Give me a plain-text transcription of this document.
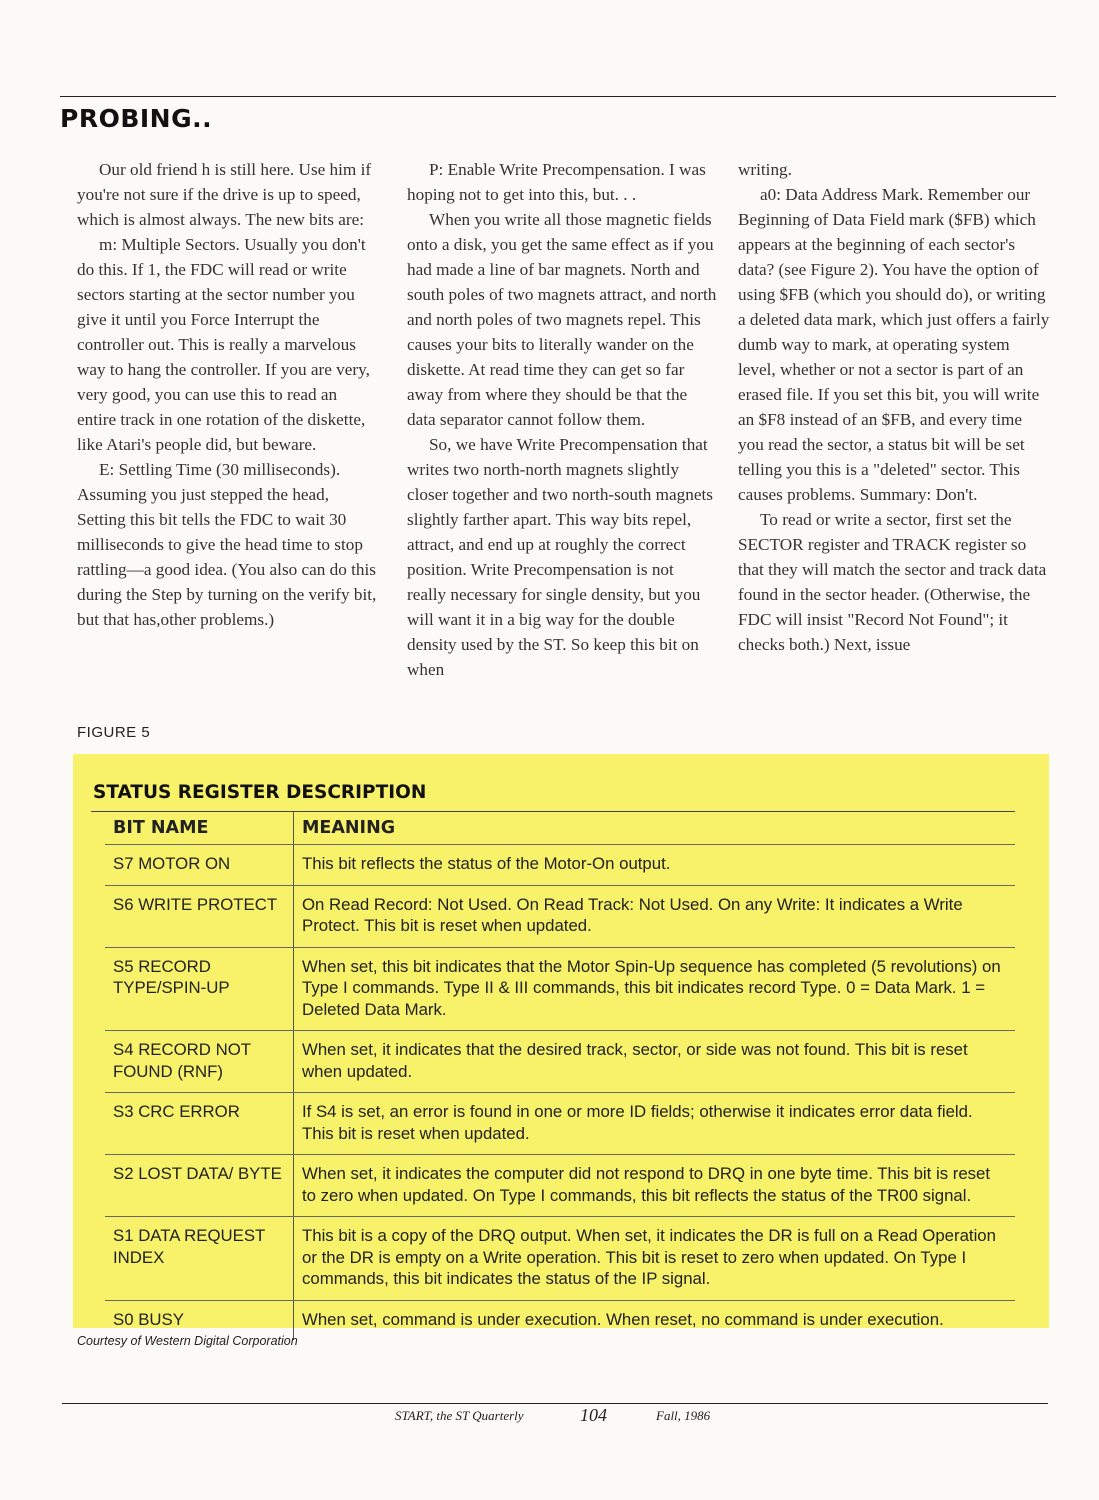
PROBING..

Our old friend h is still here. Use him if you're not sure if the drive is up to speed, which is almost always. The new bits are:

m: Multiple Sectors. Usually you don't do this. If 1, the FDC will read or write sectors starting at the sector number you give it until you Force Interrupt the controller out. This is really a marvelous way to hang the controller. If you are very, very good, you can use this to read an entire track in one rotation of the diskette, like Atari's people did, but beware.

E: Settling Time (30 milliseconds). Assuming you just stepped the head, Setting this bit tells the FDC to wait 30 milliseconds to give the head time to stop rattling—a good idea. (You also can do this during the Step by turning on the verify bit, but that has,other problems.)

P: Enable Write Precompensation. I was hoping not to get into this, but. . .

When you write all those magnetic fields onto a disk, you get the same effect as if you had made a line of bar magnets. North and south poles of two magnets attract, and north and north poles of two magnets repel. This causes your bits to literally wander on the diskette. At read time they can get so far away from where they should be that the data separator cannot follow them.

So, we have Write Precompensation that writes two north-north magnets slightly closer together and two north-south magnets slightly farther apart. This way bits repel, attract, and end up at roughly the correct position. Write Precompensation is not really necessary for single density, but you will want it in a big way for the double density used by the ST. So keep this bit on when

writing.

a0: Data Address Mark. Remember our Beginning of Data Field mark ($FB) which appears at the beginning of each sector's data? (see Figure 2). You have the option of using $FB (which you should do), or writing a deleted data mark, which just offers a fairly dumb way to mark, at operating system level, whether or not a sector is part of an erased file. If you set this bit, you will write an $F8 instead of an $FB, and every time you read the sector, a status bit will be set telling you this is a "deleted" sector. This causes problems. Summary: Don't.

To read or write a sector, first set the SECTOR register and TRACK register so that they will match the sector and track data found in the sector header. (Otherwise, the FDC will insist "Record Not Found"; it checks both.) Next, issue

FIGURE 5
STATUS REGISTER DESCRIPTION
BIT NAME	MEANING
S7 MOTOR ON	This bit reflects the status of the Motor-On output.
S6 WRITE PROTECT	On Read Record: Not Used. On Read Track: Not Used. On any Write: It indicates a Write Protect. This bit is reset when updated.
S5 RECORD TYPE/SPIN-UP	When set, this bit indicates that the Motor Spin-Up sequence has completed (5 revolutions) on Type I commands. Type II & III commands, this bit indicates record Type. 0 = Data Mark. 1 = Deleted Data Mark.
S4 RECORD NOT FOUND (RNF)	When set, it indicates that the desired track, sector, or side was not found. This bit is reset when updated.
S3 CRC ERROR	If S4 is set, an error is found in one or more ID fields; otherwise it indicates error data field. This bit is reset when updated.
S2 LOST DATA/ BYTE	When set, it indicates the computer did not respond to DRQ in one byte time. This bit is reset to zero when updated. On Type I commands, this bit reflects the status of the TR00 signal.
S1 DATA REQUEST INDEX	This bit is a copy of the DRQ output. When set, it indicates the DR is full on a Read Operation or the DR is empty on a Write operation. This bit is reset to zero when updated. On Type I commands, this bit indicates the status of the IP signal.
S0 BUSY	When set, command is under execution. When reset, no command is under execution.
Courtesy of Western Digital Corporation
START, the ST Quarterly	104	Fall, 1986
